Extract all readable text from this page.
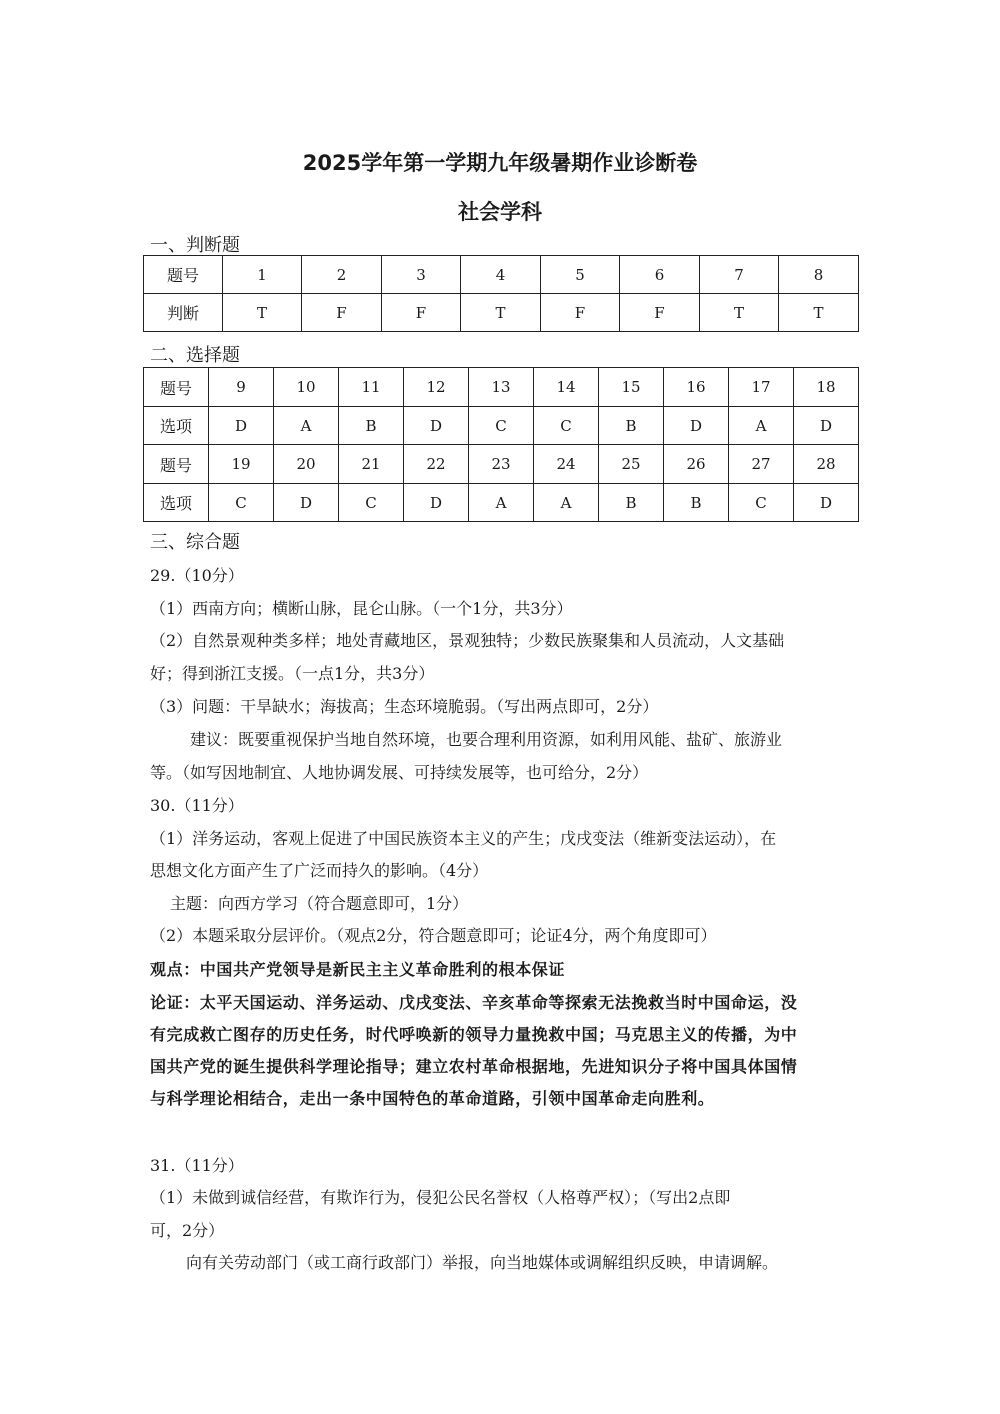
2025学年第一学期九年级暑期作业诊断卷
社会学科
一、判断题
题号	1	2	3	4	5	6	7	8
判断	T	F	F	T	F	F	T	T
二、选择题
题号	9	10	11	12	13	14	15	16	17	18
选项	D	A	B	D	C	C	B	D	A	D
题号	19	20	21	22	23	24	25	26	27	28
选项	C	D	C	D	A	A	B	B	C	D
三、综合题
29.（10分）
（1）西南方向；横断山脉，昆仑山脉。（一个1分，共3分）
（2）自然景观种类多样；地处青藏地区，景观独特；少数民族聚集和人员流动，人文基础
好；得到浙江支援。（一点1分，共3分）
（3）问题：干旱缺水；海拔高；生态环境脆弱。（写出两点即可，2分）
建议：既要重视保护当地自然环境，也要合理利用资源，如利用风能、盐矿、旅游业
等。（如写因地制宜、人地协调发展、可持续发展等，也可给分，2分）
30.（11分）
（1）洋务运动，客观上促进了中国民族资本主义的产生；戊戌变法（维新变法运动），在
思想文化方面产生了广泛而持久的影响。（4分）
主题：向西方学习（符合题意即可，1分）
（2）本题采取分层评价。（观点2分，符合题意即可；论证4分，两个角度即可）
观点：中国共产党领导是新民主主义革命胜利的根本保证
论证：太平天国运动、洋务运动、戊戌变法、辛亥革命等探索无法挽救当时中国命运，没
有完成救亡图存的历史任务，时代呼唤新的领导力量挽救中国；马克思主义的传播，为中
国共产党的诞生提供科学理论指导；建立农村革命根据地，先进知识分子将中国具体国情
与科学理论相结合，走出一条中国特色的革命道路，引领中国革命走向胜利。
31.（11分）
（1）未做到诚信经营，有欺诈行为，侵犯公民名誉权（人格尊严权）；（写出2点即
可，2分）
向有关劳动部门（或工商行政部门）举报，向当地媒体或调解组织反映，申请调解。
